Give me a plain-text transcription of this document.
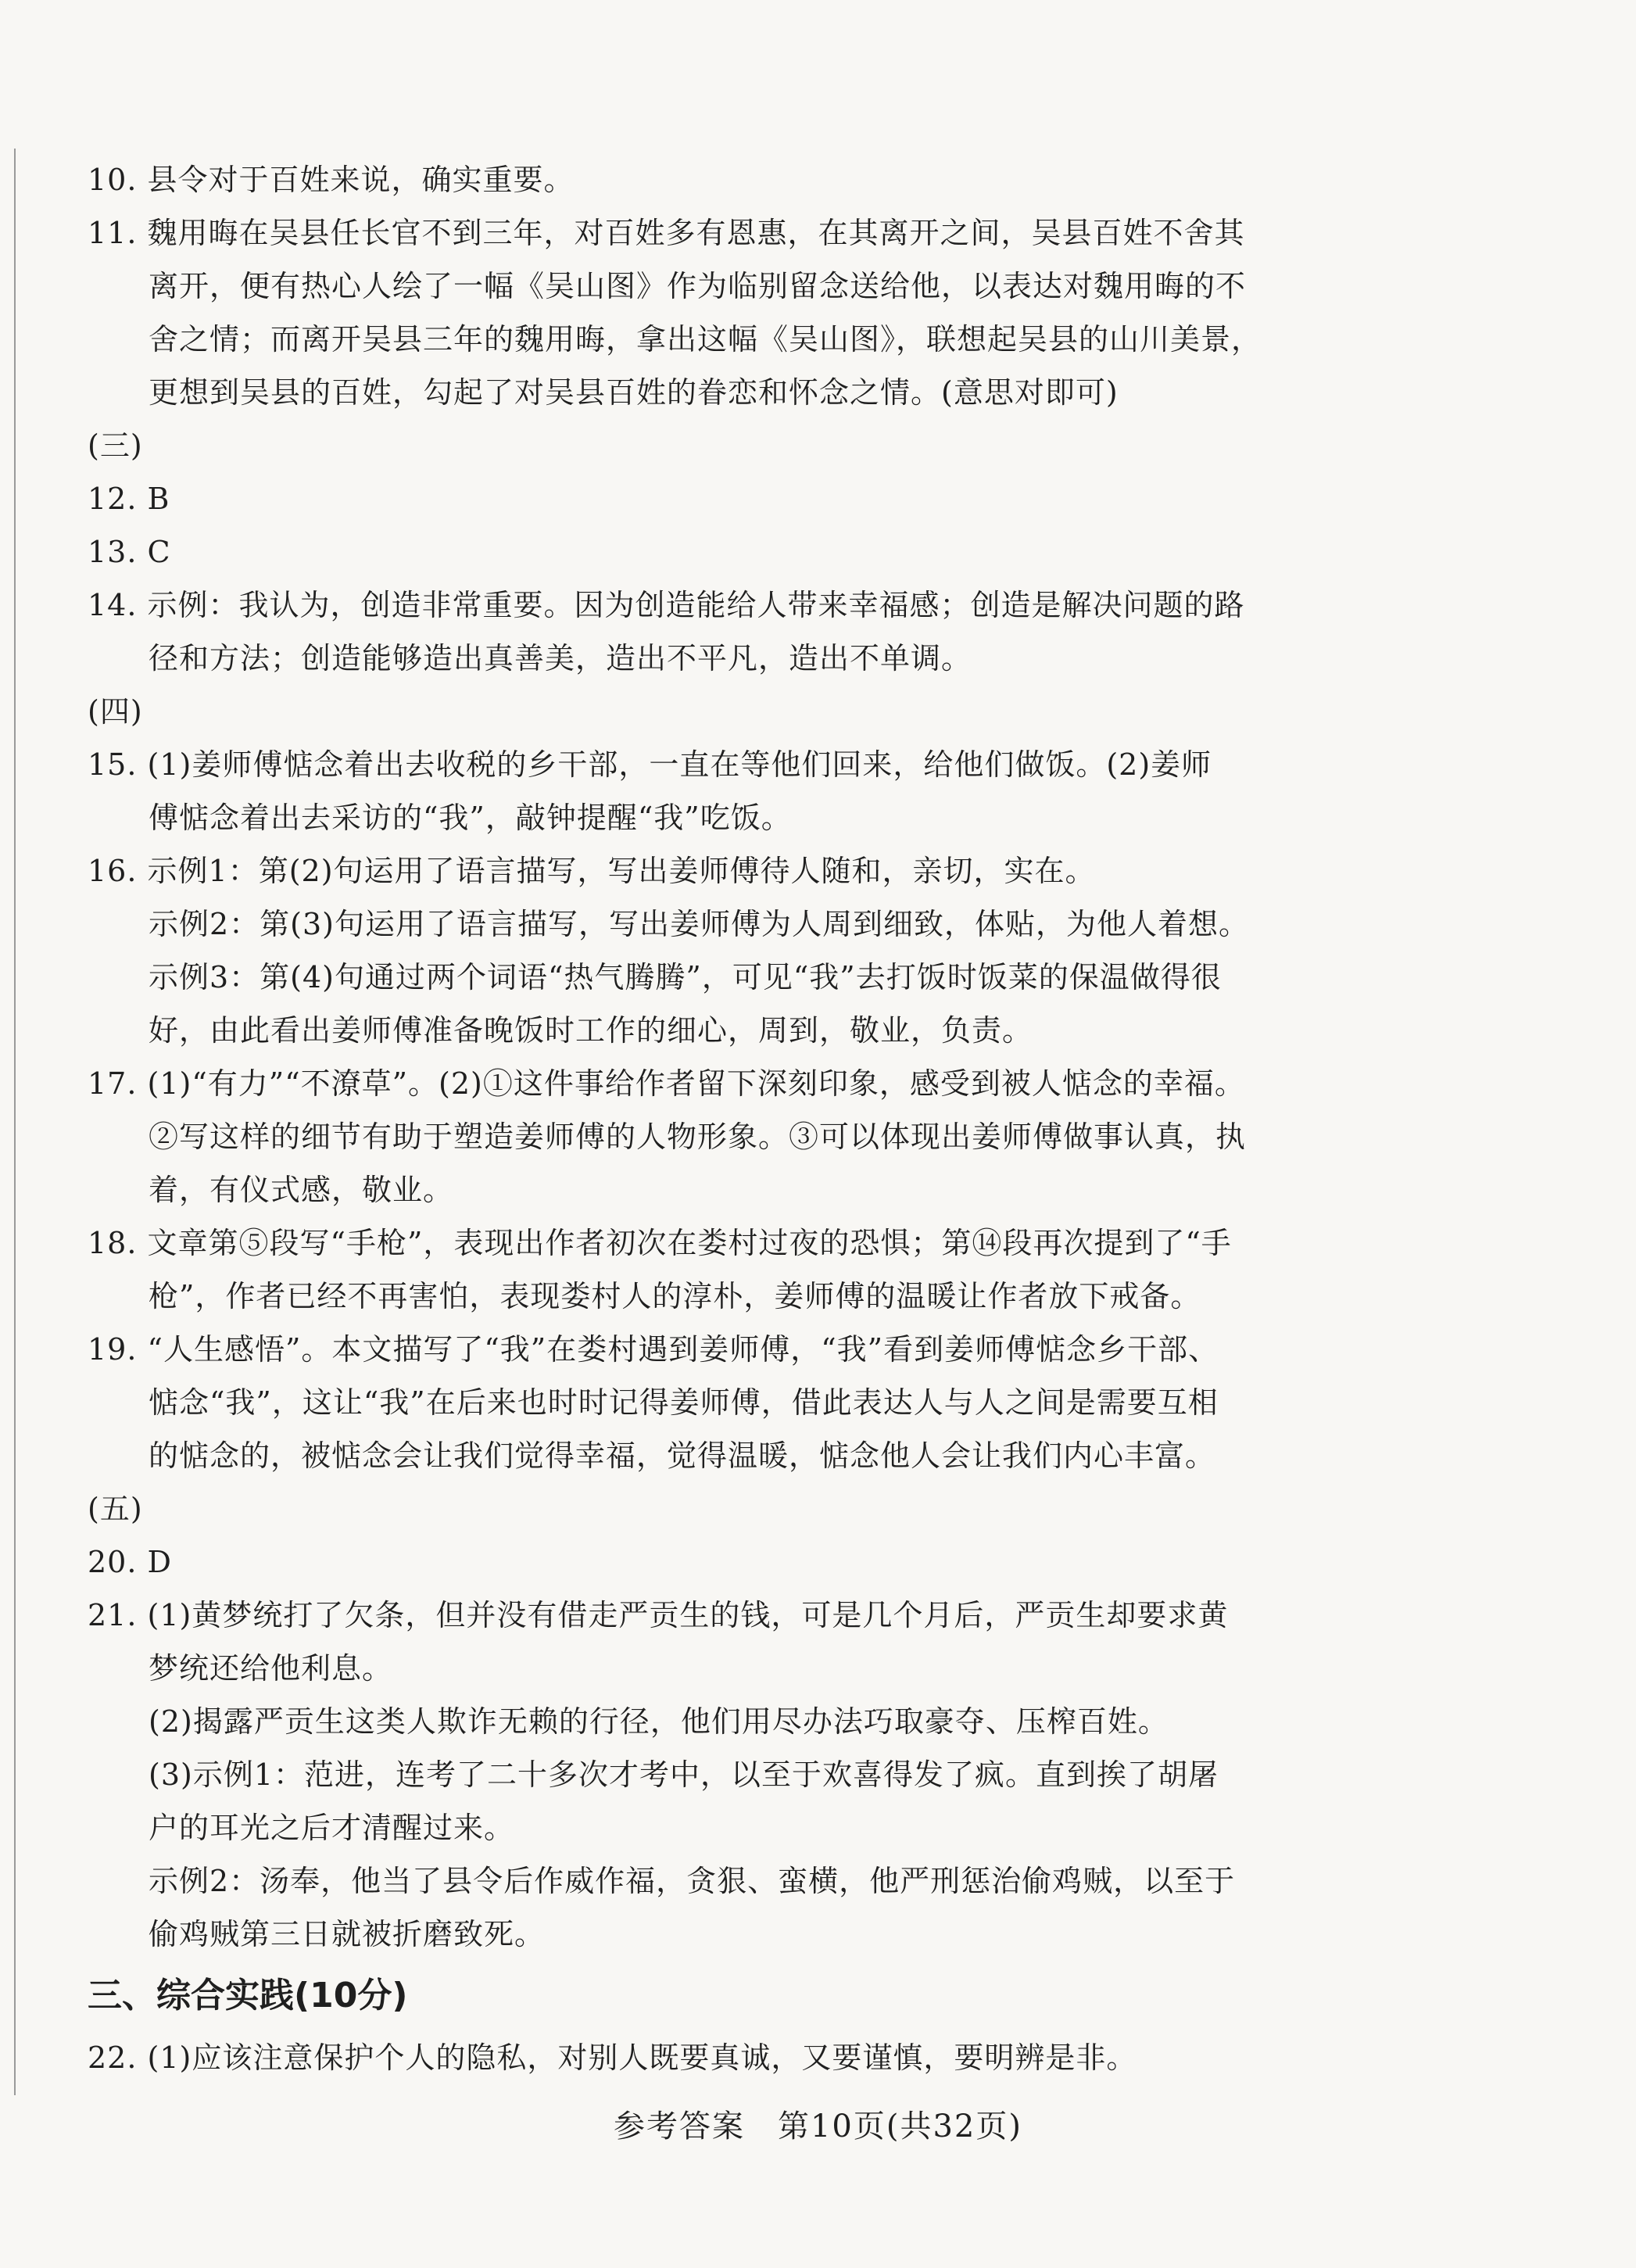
10. 县令对于百姓来说，确实重要。
11. 魏用晦在吴县任长官不到三年，对百姓多有恩惠，在其离开之间，吴县百姓不舍其
离开，便有热心人绘了一幅《吴山图》作为临别留念送给他，以表达对魏用晦的不
舍之情；而离开吴县三年的魏用晦，拿出这幅《吴山图》，联想起吴县的山川美景，
更想到吴县的百姓，勾起了对吴县百姓的眷恋和怀念之情。(意思对即可)
(三)
12. B
13. C
14. 示例：我认为，创造非常重要。因为创造能给人带来幸福感；创造是解决问题的路
径和方法；创造能够造出真善美，造出不平凡，造出不单调。
(四)
15. (1)姜师傅惦念着出去收税的乡干部，一直在等他们回来，给他们做饭。(2)姜师
傅惦念着出去采访的“我”，敲钟提醒“我”吃饭。
16. 示例1：第(2)句运用了语言描写，写出姜师傅待人随和，亲切，实在。
示例2：第(3)句运用了语言描写，写出姜师傅为人周到细致，体贴，为他人着想。
示例3：第(4)句通过两个词语“热气腾腾”，可见“我”去打饭时饭菜的保温做得很
好，由此看出姜师傅准备晚饭时工作的细心，周到，敬业，负责。
17. (1)“有力”“不潦草”。(2)①这件事给作者留下深刻印象，感受到被人惦念的幸福。
②写这样的细节有助于塑造姜师傅的人物形象。③可以体现出姜师傅做事认真，执
着，有仪式感，敬业。
18. 文章第⑤段写“手枪”，表现出作者初次在娄村过夜的恐惧；第⑭段再次提到了“手
枪”，作者已经不再害怕，表现娄村人的淳朴，姜师傅的温暖让作者放下戒备。
19. “人生感悟”。本文描写了“我”在娄村遇到姜师傅，“我”看到姜师傅惦念乡干部、
惦念“我”，这让“我”在后来也时时记得姜师傅，借此表达人与人之间是需要互相
的惦念的，被惦念会让我们觉得幸福，觉得温暖，惦念他人会让我们内心丰富。
(五)
20. D
21. (1)黄梦统打了欠条，但并没有借走严贡生的钱，可是几个月后，严贡生却要求黄
梦统还给他利息。
(2)揭露严贡生这类人欺诈无赖的行径，他们用尽办法巧取豪夺、压榨百姓。
(3)示例1：范进，连考了二十多次才考中，以至于欢喜得发了疯。直到挨了胡屠
户的耳光之后才清醒过来。
示例2：汤奉，他当了县令后作威作福，贪狠、蛮横，他严刑惩治偷鸡贼，以至于
偷鸡贼第三日就被折磨致死。
三、综合实践(10分)
22. (1)应该注意保护个人的隐私，对别人既要真诚，又要谨慎，要明辨是非。
参考答案　第10页(共32页)
